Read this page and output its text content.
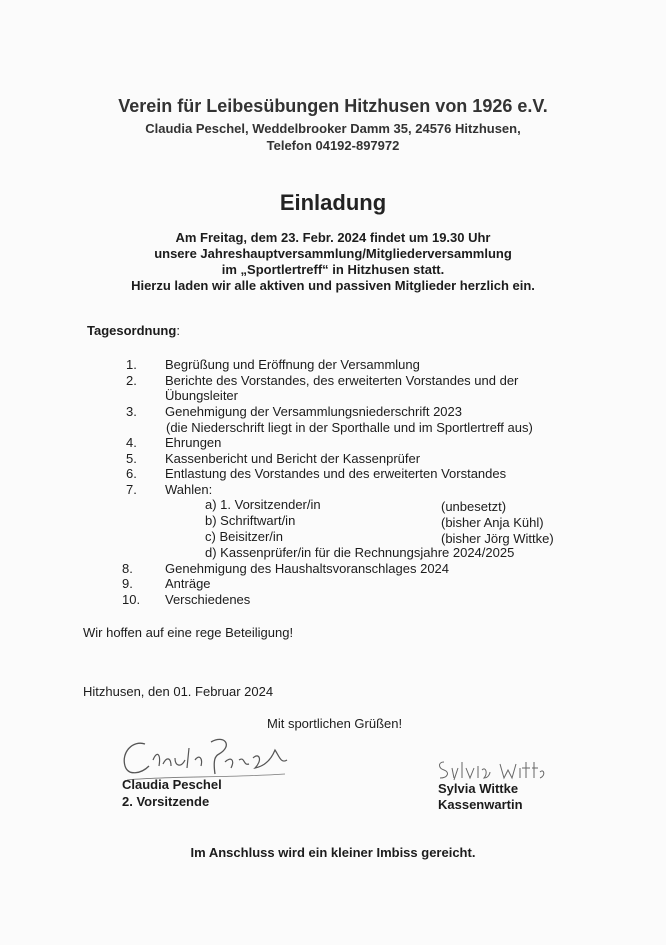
Verein für Leibesübungen Hitzhusen von 1926 e.V.
Claudia Peschel, Weddelbrooker Damm 35, 24576 Hitzhusen,
Telefon 04192-897972
Einladung
Am Freitag, dem 23. Febr. 2024 findet um 19.30 Uhr
unsere Jahreshauptversammlung/Mitgliederversammlung
im „Sportlertreff“ in Hitzhusen statt.
Hierzu laden wir alle aktiven und passiven Mitglieder herzlich ein.
Tagesordnung:
1. Begrüßung und Eröffnung der Versammlung
2. Berichte des Vorstandes, des erweiterten Vorstandes und der
Übungsleiter
3. Genehmigung der Versammlungsniederschrift 2023
(die Niederschrift liegt in der Sporthalle und im Sportlertreff aus)
4. Ehrungen
5. Kassenbericht und Bericht der Kassenprüfer
6. Entlastung des Vorstandes und des erweiterten Vorstandes
7. Wahlen:
a) 1. Vorsitzender/in	(unbesetzt)
b) Schriftwart/in	(bisher Anja Kühl)
c) Beisitzer/in	(bisher Jörg Wittke)
d) Kassenprüfer/in für die Rechnungsjahre 2024/2025
8. Genehmigung des Haushaltsvoranschlages 2024
9. Anträge
10. Verschiedenes
Wir hoffen auf eine rege Beteiligung!
Hitzhusen, den 01. Februar 2024
Mit sportlichen Grüßen!
Claudia Peschel
2. Vorsitzende
Sylvia Wittke
Kassenwartin
Im Anschluss wird ein kleiner Imbiss gereicht.
